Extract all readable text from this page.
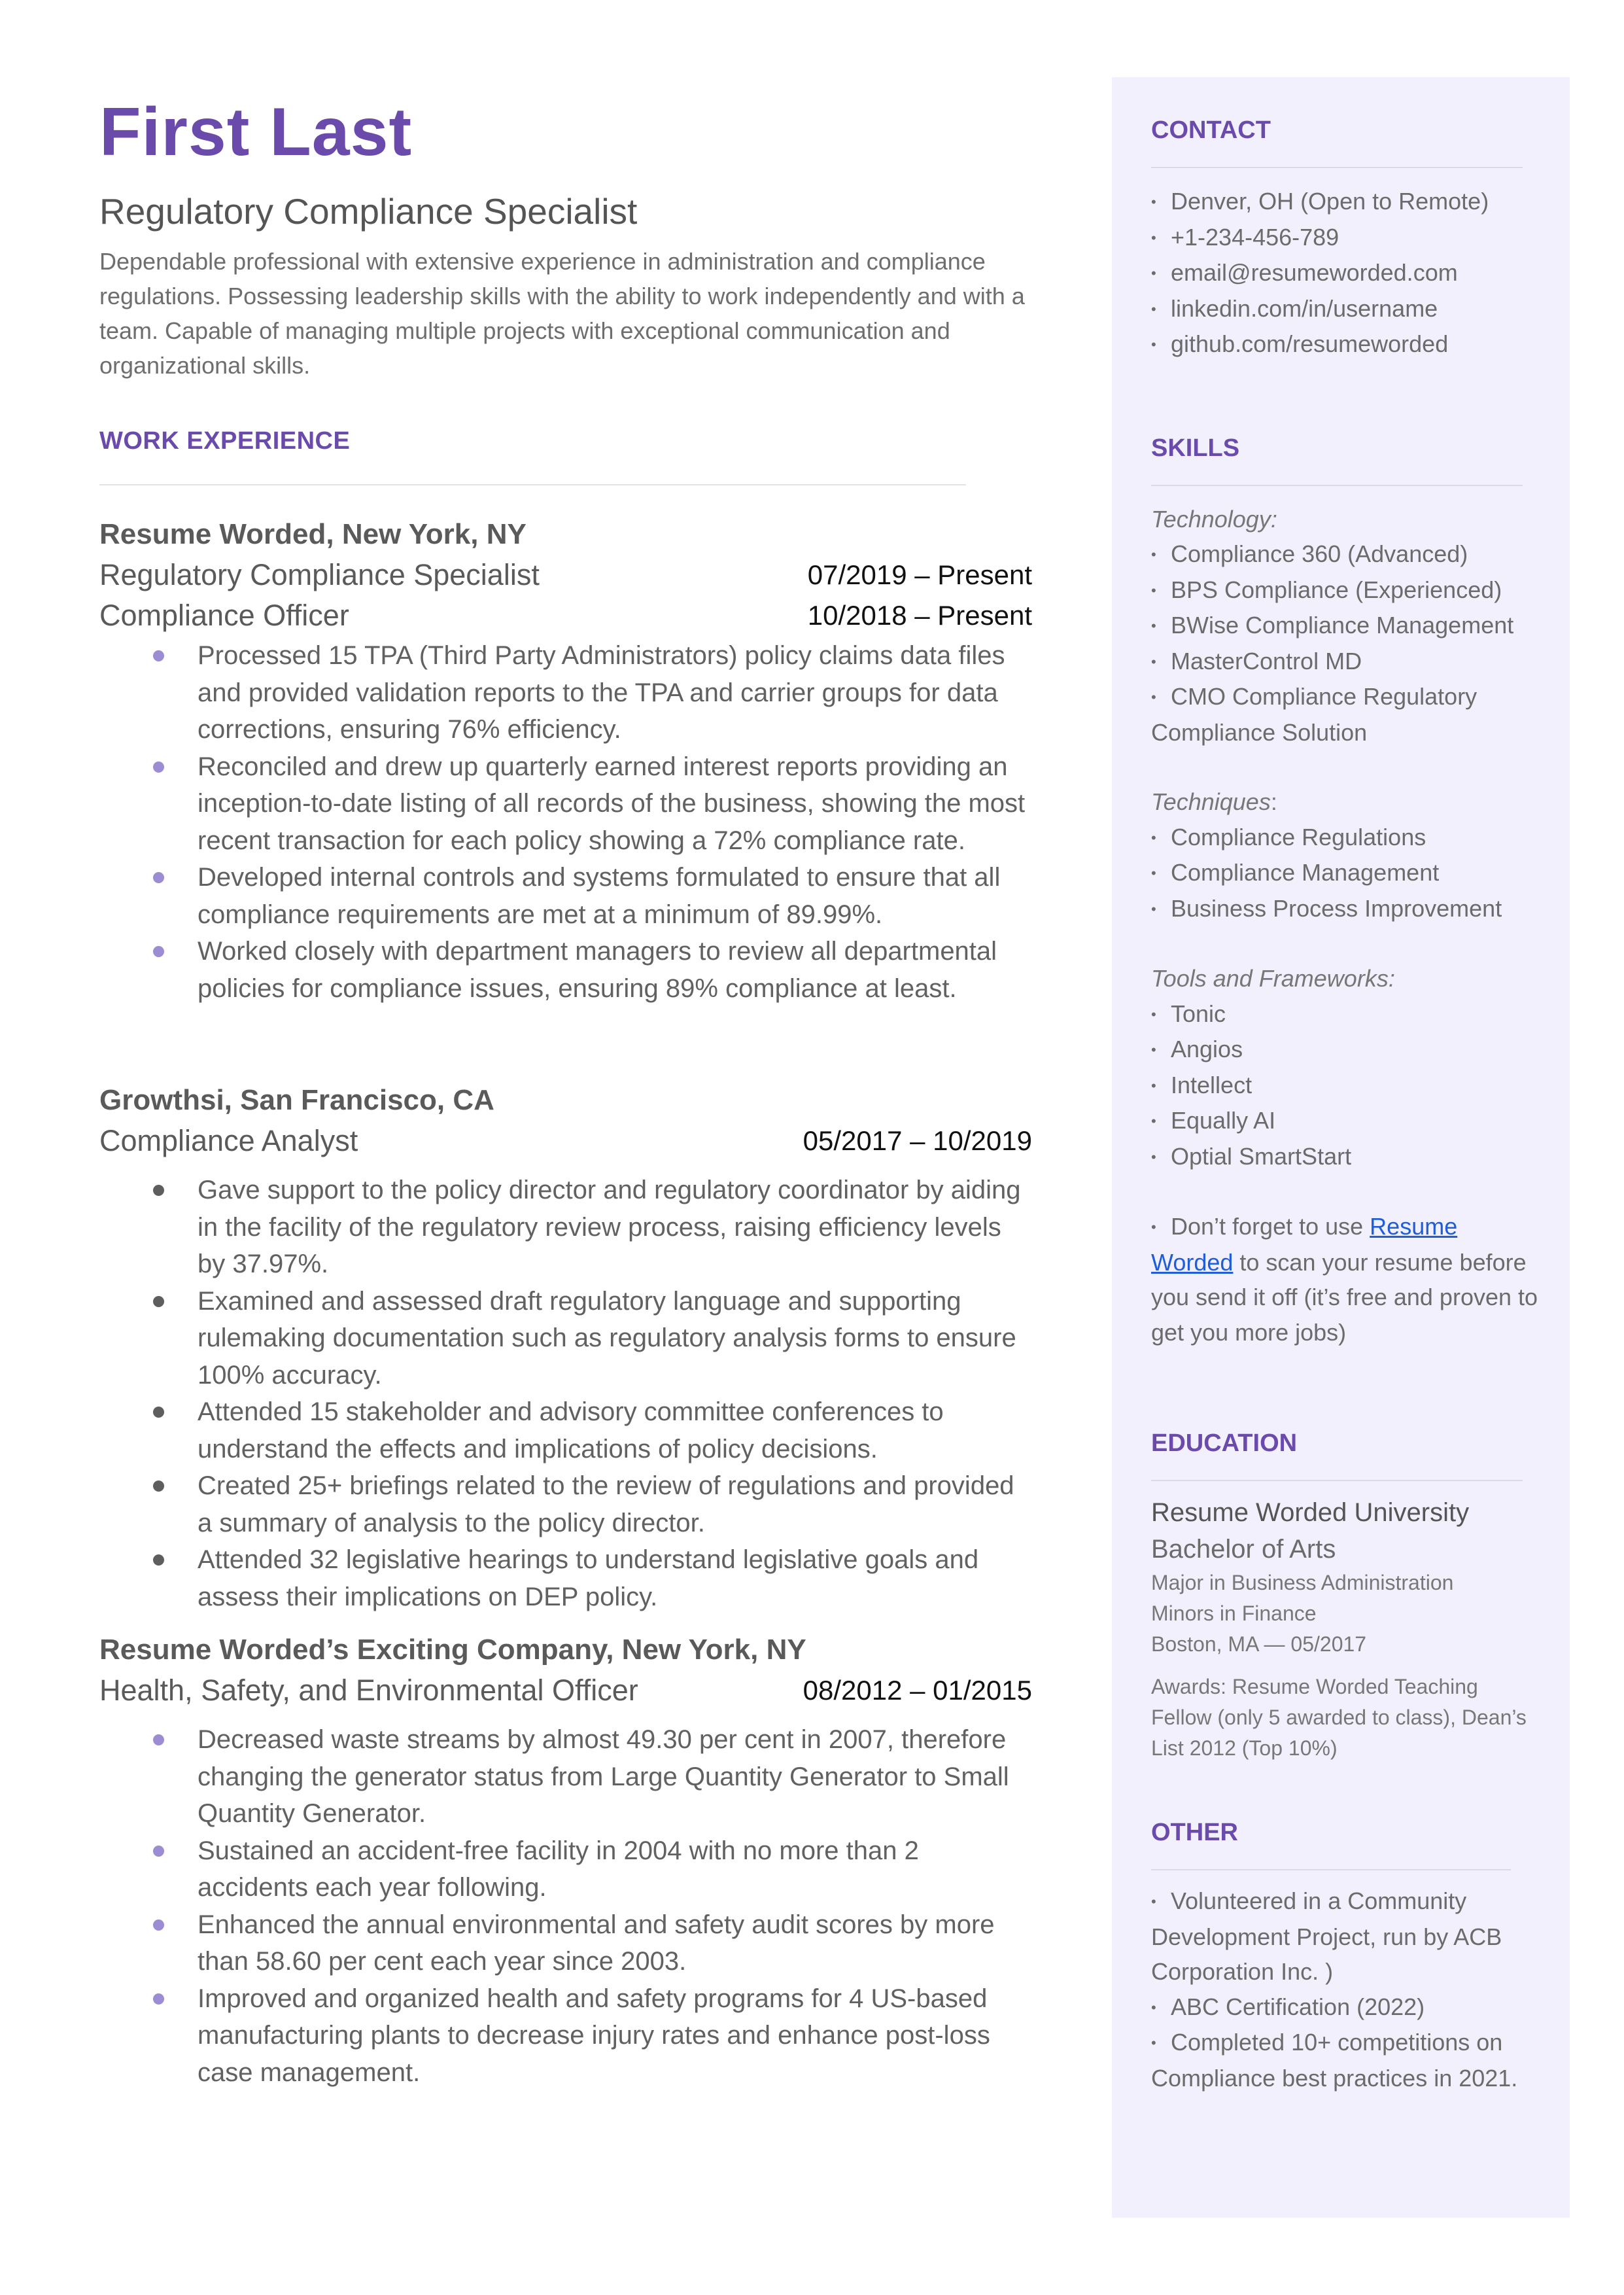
First Last
Regulatory Compliance Specialist
Dependable professional with extensive experience in administration and compliance regulations. Possessing leadership skills with the ability to work independently and with a team. Capable of managing multiple projects with exceptional communication and organizational skills.
WORK EXPERIENCE
Resume Worded, New York, NY
Regulatory Compliance Specialist	07/2019 – Present
Compliance Officer	10/2018 – Present
Processed 15 TPA (Third Party Administrators) policy claims data files and provided validation reports to the TPA and carrier groups for data corrections, ensuring 76% efficiency.
Reconciled and drew up quarterly earned interest reports providing an inception-to-date listing of all records of the business, showing the most recent transaction for each policy showing a 72% compliance rate.
Developed internal controls and systems formulated to ensure that all compliance requirements are met at a minimum of 89.99%.
Worked closely with department managers to review all departmental policies for compliance issues, ensuring 89% compliance at least.
Growthsi, San Francisco, CA
Compliance Analyst	05/2017 – 10/2019
Gave support to the policy director and regulatory coordinator by aiding in the facility of the regulatory review process, raising efficiency levels by 37.97%.
Examined and assessed draft regulatory language and supporting rulemaking documentation such as regulatory analysis forms to ensure 100% accuracy.
Attended 15 stakeholder and advisory committee conferences to understand the effects and implications of policy decisions.
Created 25+ briefings related to the review of regulations and provided a summary of analysis to the policy director.
Attended 32 legislative hearings to understand legislative goals and assess their implications on DEP policy.
Resume Worded’s Exciting Company, New York, NY
Health, Safety, and Environmental Officer	08/2012 – 01/2015
Decreased waste streams by almost 49.30 per cent in 2007, therefore changing the generator status from Large Quantity Generator to Small Quantity Generator.
Sustained an accident-free facility in 2004 with no more than 2 accidents each year following.
Enhanced the annual environmental and safety audit scores by more than 58.60 per cent each year since 2003.
Improved and organized health and safety programs for 4 US-based manufacturing plants to decrease injury rates and enhance post-loss case management.
CONTACT
• Denver, OH (Open to Remote)
• +1-234-456-789
• email@resumeworded.com
• linkedin.com/in/username
• github.com/resumeworded
SKILLS
Technology:
• Compliance 360 (Advanced)
• BPS Compliance (Experienced)
• BWise Compliance Management
• MasterControl MD
• CMO Compliance Regulatory Compliance Solution
Techniques:
• Compliance Regulations
• Compliance Management
• Business Process Improvement
Tools and Frameworks:
• Tonic
• Angios
• Intellect
• Equally AI
• Optial SmartStart
• Don’t forget to use Resume Worded to scan your resume before you send it off (it’s free and proven to get you more jobs)
EDUCATION
Resume Worded University
Bachelor of Arts
Major in Business Administration
Minors in Finance
Boston, MA — 05/2017
Awards: Resume Worded Teaching Fellow (only 5 awarded to class), Dean’s List 2012 (Top 10%)
OTHER
• Volunteered in a Community Development Project, run by ACB Corporation Inc. )
• ABC Certification (2022)
• Completed 10+ competitions on Compliance best practices in 2021.
